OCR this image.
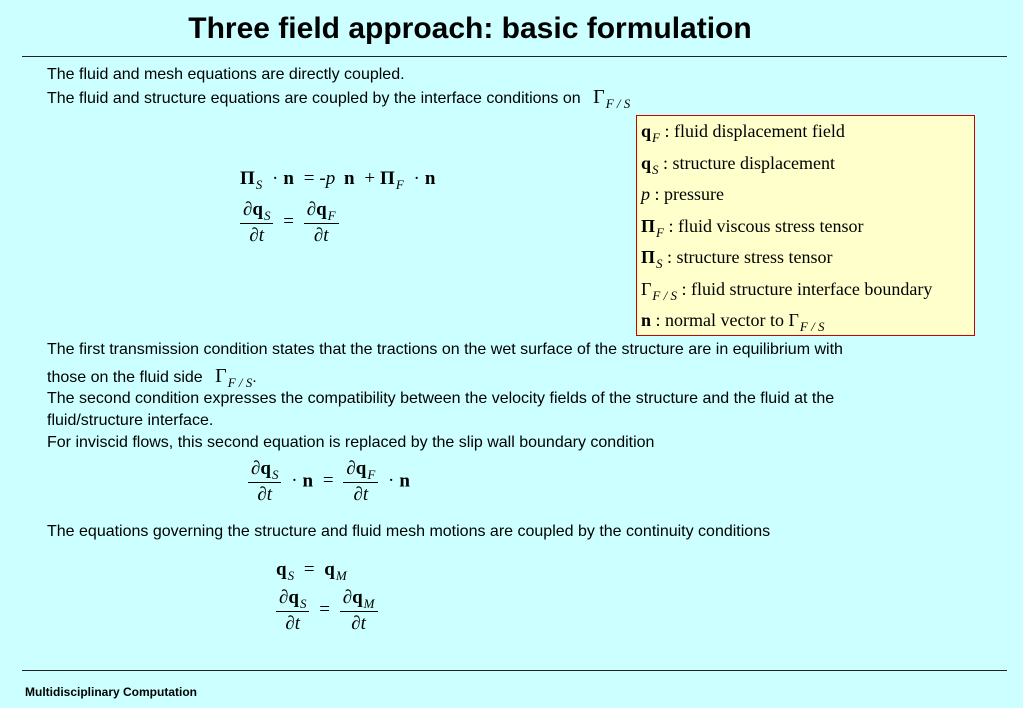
Three field approach: basic formulation
The fluid and mesh equations are directly coupled.
The fluid and structure equations are coupled by the interface conditions on $\Gamma_{F / S}$
$\Pi_S \cdot n = -p$ $n + \Pi_F \cdot n$
$\frac{\partial q_S}{\partial t} = \frac{\partial q_F}{\partial t}$
$q_F$ : fluid displacement field
$q_S$ : structure displacement
p : pressure
$\Pi_F$ : fluid viscous stress tensor
$\Pi_S$ : structure stress tensor
$\Gamma_{F / S}$ : fluid structure interface boundary
n : normal vector to $\Gamma_{F / S}$
The first transmission condition states that the tractions on the wet surface of the structure are in equilibrium with
those on the fluid side $\Gamma_{F / S}$.
The second condition expresses the compatibility between the velocity fields of the structure and the fluid at the
fluid/structure interface.
For inviscid flows, this second equation is replaced by the slip wall boundary condition
$\frac{\partial q_S}{\partial t} \cdot n = \frac{\partial q_F}{\partial t} \cdot n$
The equations governing the structure and fluid mesh motions are coupled by the continuity conditions
$q_S = q_M$
$\frac{\partial q_S}{\partial t} = \frac{\partial q_M}{\partial t}$
Multidisciplinary Computation
